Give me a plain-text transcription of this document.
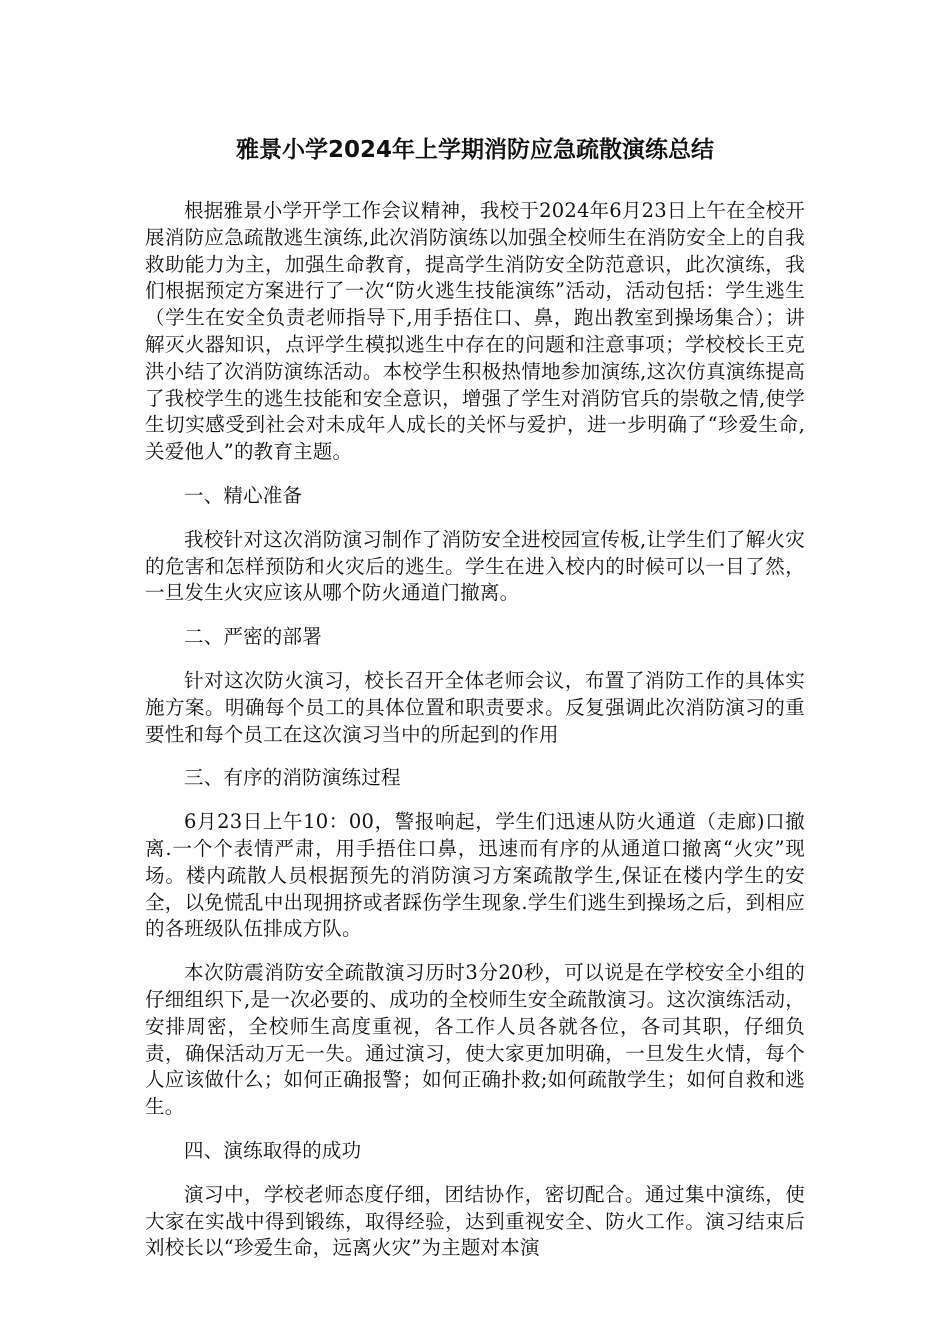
雅景小学2024年上学期消防应急疏散演练总结

根据雅景小学开学工作会议精神，我校于2024年6月23日上午在全校开展消防应急疏散逃生演练,此次消防演练以加强全校师生在消防安全上的自我救助能力为主，加强生命教育，提高学生消防安全防范意识，此次演练，我们根据预定方案进行了一次“防火逃生技能演练”活动，活动包括：学生逃生（学生在安全负责老师指导下,用手捂住口、鼻，跑出教室到操场集合）；讲解灭火器知识，点评学生模拟逃生中存在的问题和注意事项；学校校长王克洪小结了次消防演练活动。本校学生积极热情地参加演练,这次仿真演练提高了我校学生的逃生技能和安全意识，增强了学生对消防官兵的崇敬之情,使学生切实感受到社会对未成年人成长的关怀与爱护，进一步明确了“珍爱生命,关爱他人”的教育主题。

一、精心准备

我校针对这次消防演习制作了消防安全进校园宣传板,让学生们了解火灾的危害和怎样预防和火灾后的逃生。学生在进入校内的时候可以一目了然，一旦发生火灾应该从哪个防火通道门撤离。

二、严密的部署

针对这次防火演习，校长召开全体老师会议，布置了消防工作的具体实施方案。明确每个员工的具体位置和职责要求。反复强调此次消防演习的重要性和每个员工在这次演习当中的所起到的作用

三、有序的消防演练过程

6月23日上午10：00，警报响起，学生们迅速从防火通道（走廊)口撤离.一个个表情严肃，用手捂住口鼻，迅速而有序的从通道口撤离“火灾”现场。楼内疏散人员根据预先的消防演习方案疏散学生,保证在楼内学生的安全，以免慌乱中出现拥挤或者踩伤学生现象.学生们逃生到操场之后，到相应的各班级队伍排成方队。

本次防震消防安全疏散演习历时3分20秒，可以说是在学校安全小组的仔细组织下,是一次必要的、成功的全校师生安全疏散演习。这次演练活动，安排周密，全校师生高度重视，各工作人员各就各位，各司其职，仔细负责，确保活动万无一失。通过演习，使大家更加明确，一旦发生火情，每个人应该做什么；如何正确报警；如何正确扑救;如何疏散学生；如何自救和逃生。

四、演练取得的成功

演习中，学校老师态度仔细，团结协作，密切配合。通过集中演练，使大家在实战中得到锻练，取得经验，达到重视安全、防火工作。演习结束后刘校长以“珍爱生命，远离火灾”为主题对本演
